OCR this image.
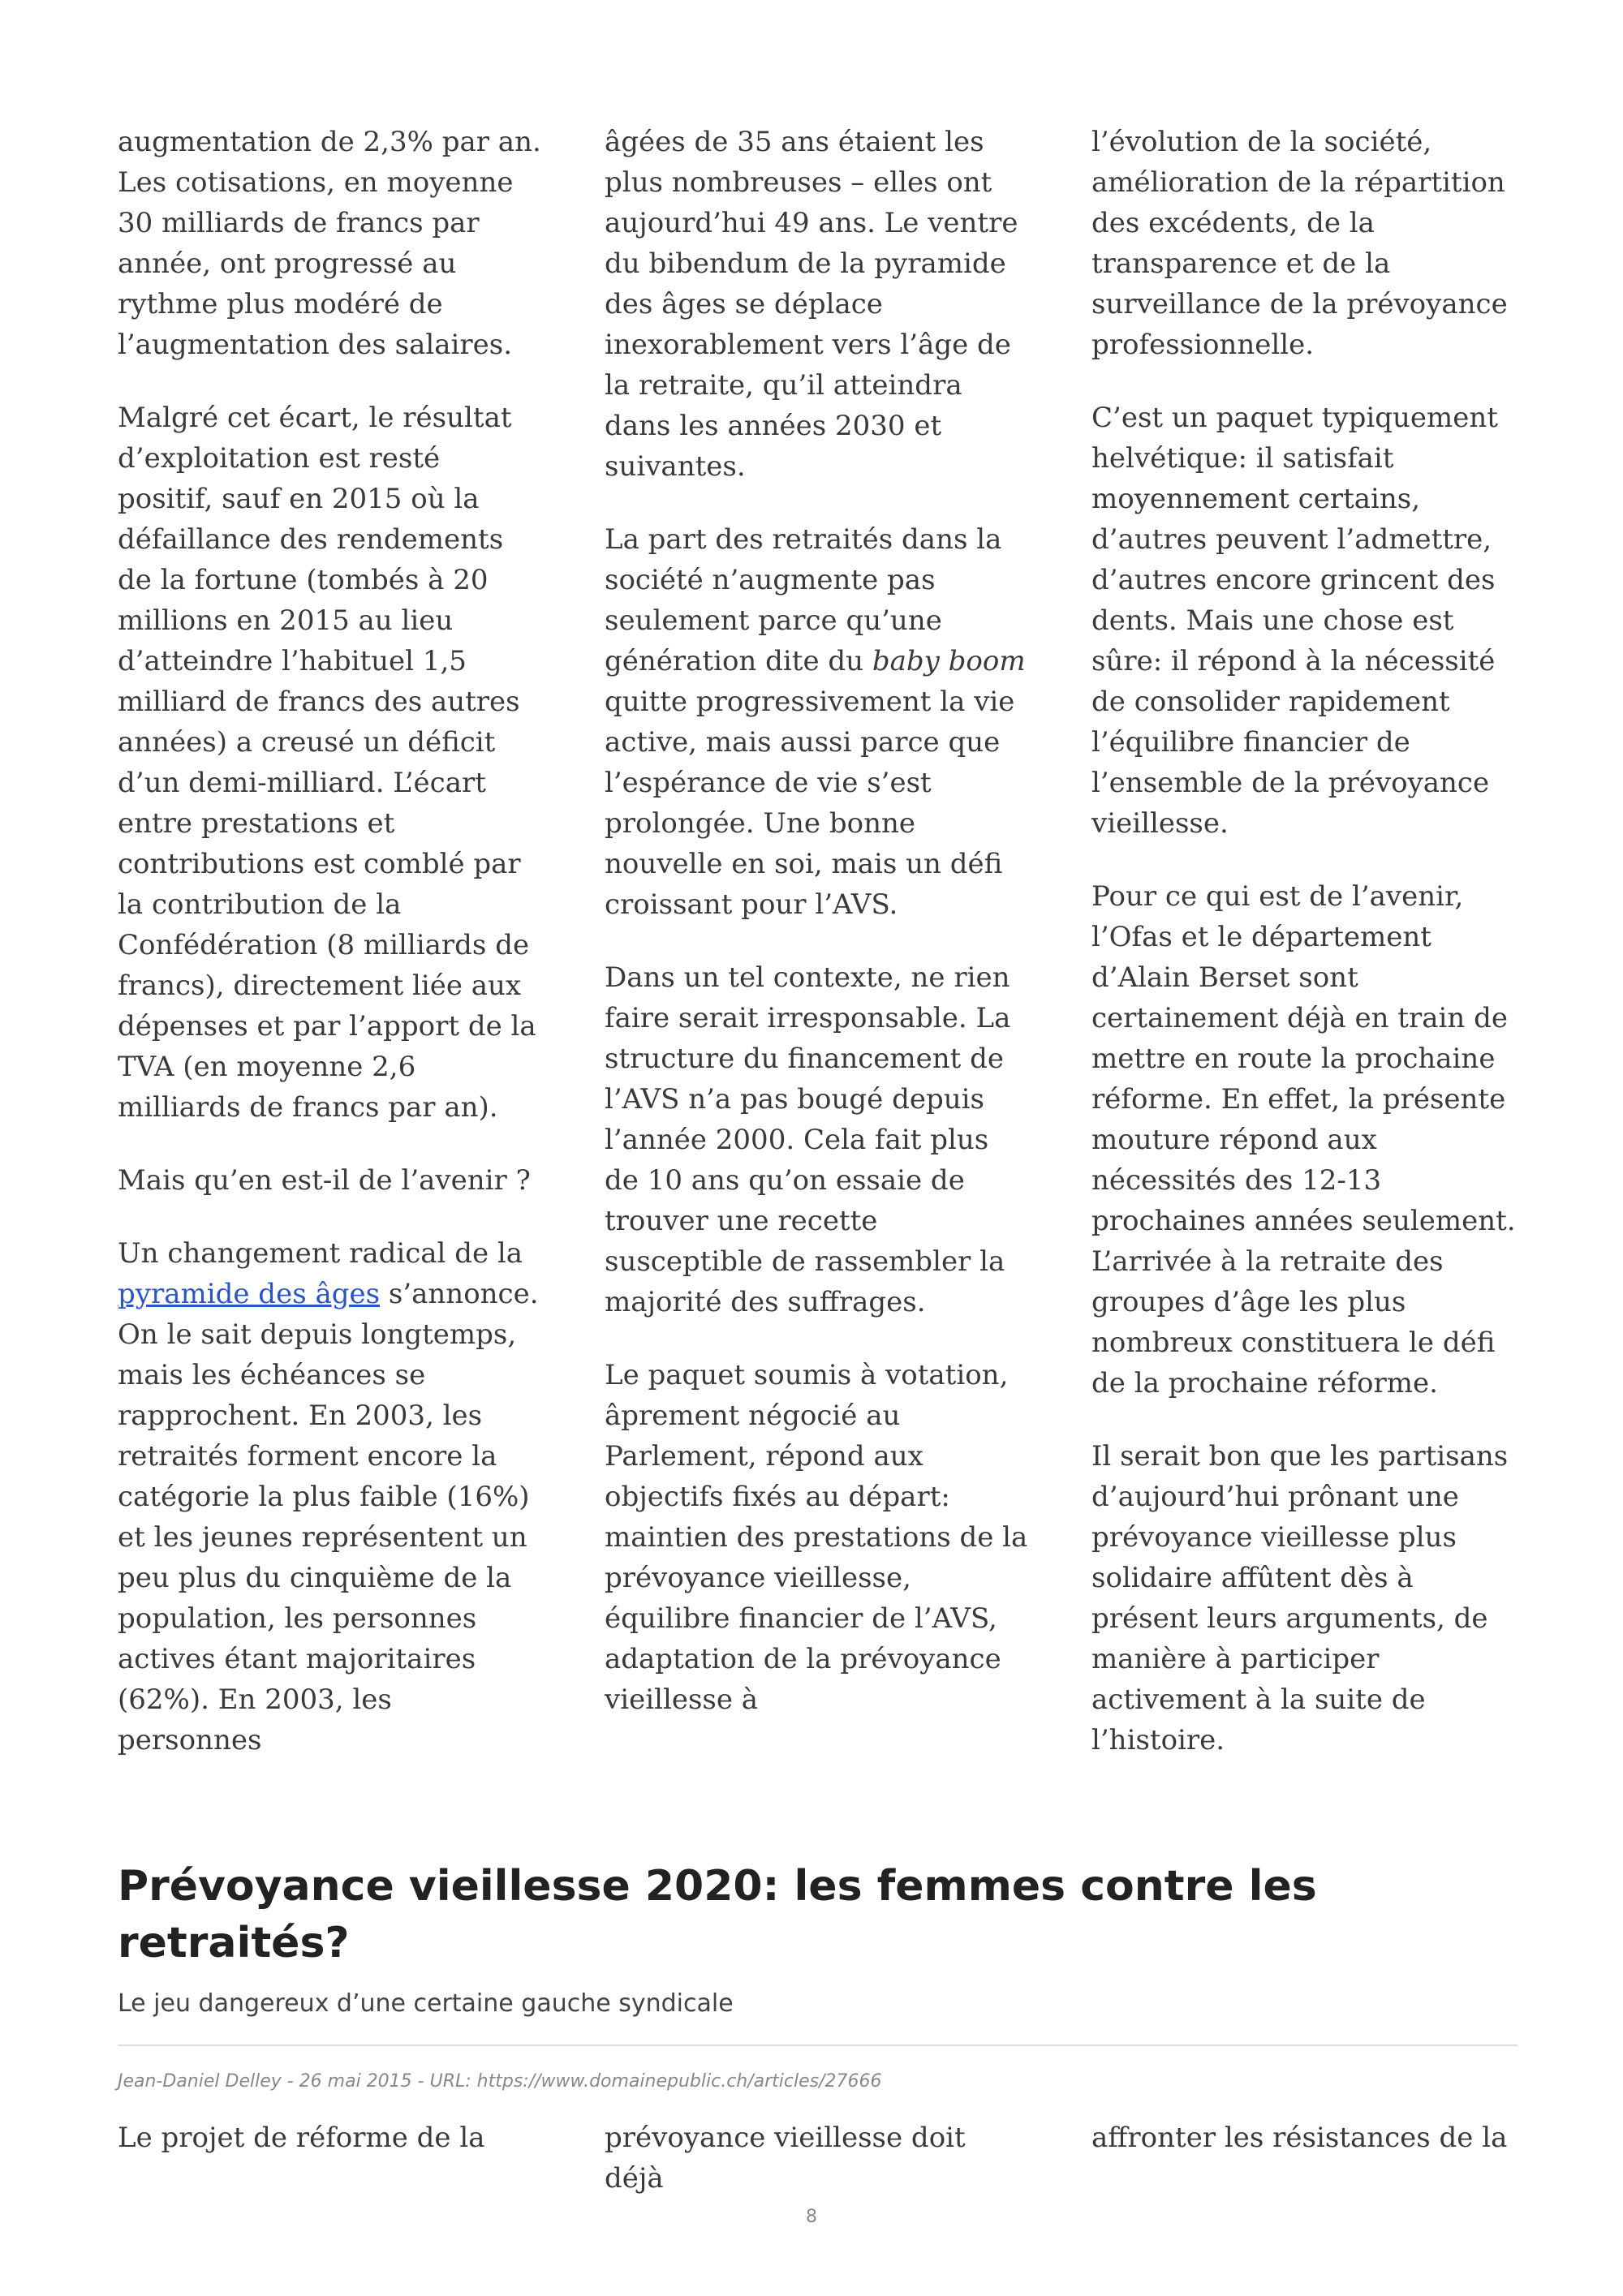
augmentation de 2,3% par an. Les cotisations, en moyenne 30 milliards de francs par année, ont progressé au rythme plus modéré de l’augmentation des salaires.

Malgré cet écart, le résultat d’exploitation est resté positif, sauf en 2015 où la défaillance des rendements de la fortune (tombés à 20 millions en 2015 au lieu d’atteindre l’habituel 1,5 milliard de francs des autres années) a creusé un déficit d’un demi-milliard. L’écart entre prestations et contributions est comblé par la contribution de la Confédération (8 milliards de francs), directement liée aux dépenses et par l’apport de la TVA (en moyenne 2,6 milliards de francs par an).

Mais qu’en est-il de l’avenir ?

Un changement radical de la pyramide des âges s’annonce. On le sait depuis longtemps, mais les échéances se rapprochent. En 2003, les retraités forment encore la catégorie la plus faible (16%) et les jeunes représentent un peu plus du cinquième de la population, les personnes actives étant majoritaires (62%). En 2003, les personnes

âgées de 35 ans étaient les plus nombreuses – elles ont aujourd’hui 49 ans. Le ventre du bibendum de la pyramide des âges se déplace inexorablement vers l’âge de la retraite, qu’il atteindra dans les années 2030 et suivantes.

La part des retraités dans la société n’augmente pas seulement parce qu’une génération dite du baby boom quitte progressivement la vie active, mais aussi parce que l’espérance de vie s’est prolongée. Une bonne nouvelle en soi, mais un défi croissant pour l’AVS.

Dans un tel contexte, ne rien faire serait irresponsable. La structure du financement de l’AVS n’a pas bougé depuis l’année 2000. Cela fait plus de 10 ans qu’on essaie de trouver une recette susceptible de rassembler la majorité des suffrages.

Le paquet soumis à votation, âprement négocié au Parlement, répond aux objectifs fixés au départ: maintien des prestations de la prévoyance vieillesse, équilibre financier de l’AVS, adaptation de la prévoyance vieillesse à

l’évolution de la société, amélioration de la répartition des excédents, de la transparence et de la surveillance de la prévoyance professionnelle.

C’est un paquet typiquement helvétique: il satisfait moyennement certains, d’autres peuvent l’admettre, d’autres encore grincent des dents. Mais une chose est sûre: il répond à la nécessité de consolider rapidement l’équilibre financier de l’ensemble de la prévoyance vieillesse.

Pour ce qui est de l’avenir, l’Ofas et le département d’Alain Berset sont certainement déjà en train de mettre en route la prochaine réforme. En effet, la présente mouture répond aux nécessités des 12-13 prochaines années seulement. L’arrivée à la retraite des groupes d’âge les plus nombreux constituera le défi de la prochaine réforme.

Il serait bon que les partisans d’aujourd’hui prônant une prévoyance vieillesse plus solidaire affûtent dès à présent leurs arguments, de manière à participer activement à la suite de l’histoire.

Prévoyance vieillesse 2020: les femmes contre les retraités?

Le jeu dangereux d’une certaine gauche syndicale

Jean-Daniel Delley - 26 mai 2015 - URL: https://www.domainepublic.ch/articles/27666

Le projet de réforme de la	prévoyance vieillesse doit déjà

affronter les résistances de la

8
